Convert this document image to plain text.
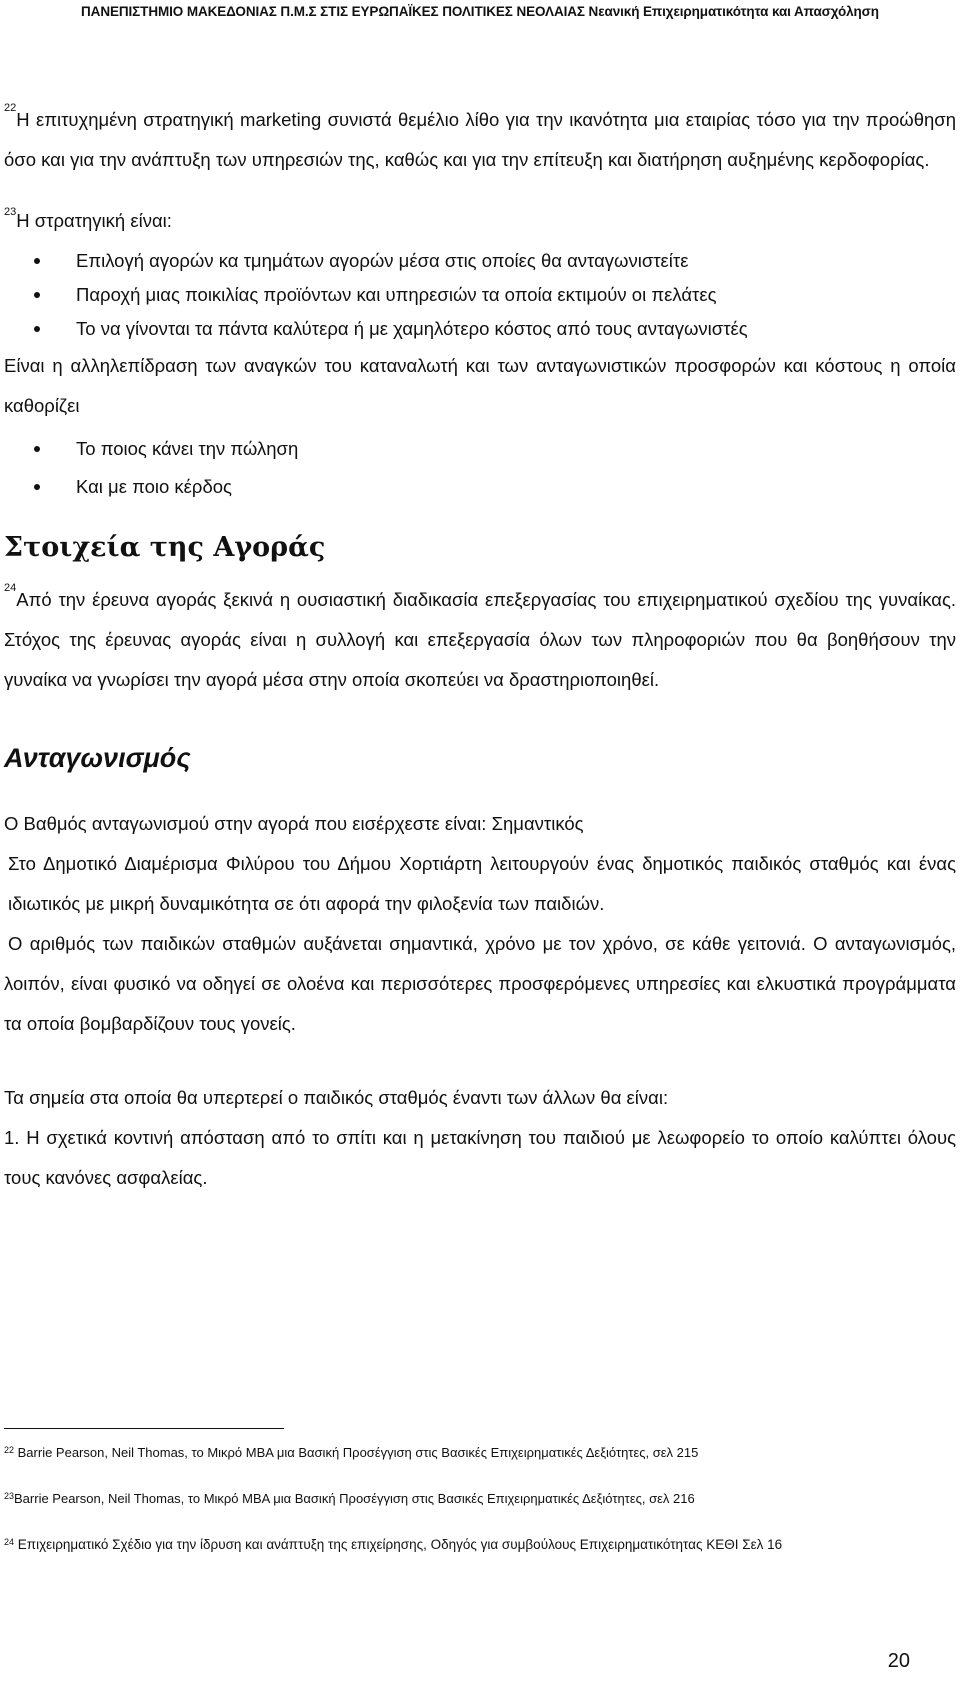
ΠΑΝΕΠΙΣΤΗΜΙΟ ΜΑΚΕΔΟΝΙΑΣ Π.Μ.Σ ΣΤΙΣ ΕΥΡΩΠΑΪΚΕΣ ΠΟΛΙΤΙΚΕΣ ΝΕΟΛΑΙΑΣ Νεανική Επιχειρηματικότητα και Απασχόληση

$^{22}$Η επιτυχημένη στρατηγική marketing συνιστά θεμέλιο λίθο για την ικανότητα μια εταιρίας τόσο για την προώθηση όσο και για την ανάπτυξη των υπηρεσιών της, καθώς και για την επίτευξη και διατήρηση αυξημένης κερδοφορίας.

$^{23}$Η στρατηγική είναι:

Επιλογή αγορών κα τμημάτων αγορών μέσα στις οποίες θα ανταγωνιστείτε
Παροχή μιας ποικιλίας προϊόντων και υπηρεσιών τα οποία εκτιμούν οι πελάτες
Το να γίνονται τα πάντα καλύτερα ή με χαμηλότερο κόστος από τους ανταγωνιστές

Είναι η αλληλεπίδραση των αναγκών του καταναλωτή και των ανταγωνιστικών προσφορών και κόστους η οποία καθορίζει

Το ποιος κάνει την πώληση
Και με ποιο κέρδος
Στοιχεία της Αγοράς

$^{24}$Από την έρευνα αγοράς ξεκινά η ουσιαστική διαδικασία επεξεργασίας του επιχειρηματικού σχεδίου της γυναίκας. Στόχος της έρευνας αγοράς είναι η συλλογή και επεξεργασία όλων των πληροφοριών που θα βοηθήσουν την γυναίκα να γνωρίσει την αγορά μέσα στην οποία σκοπεύει να δραστηριοποιηθεί.

Ανταγωνισμός

Ο Βαθμός ανταγωνισμού στην αγορά που εισέρχεστε είναι: Σημαντικός

Στο Δημοτικό Διαμέρισμα Φιλύρου του Δήμου Χορτιάρτη λειτουργούν ένας δημοτικός παιδικός σταθμός και ένας ιδιωτικός με μικρή δυναμικότητα σε ότι αφορά την φιλοξενία των παιδιών.

Ο αριθμός των παιδικών σταθμών αυξάνεται σημαντικά, χρόνο με τον χρόνο, σε κάθε γειτονιά. Ο ανταγωνισμός, λοιπόν, είναι φυσικό να οδηγεί σε ολοένα και περισσότερες προσφερόμενες υπηρεσίες και ελκυστικά προγράμματα τα οποία βομβαρδίζουν τους γονείς.

Τα σημεία στα οποία θα υπερτερεί ο παιδικός σταθμός έναντι των άλλων θα είναι:

1. Η σχετικά κοντινή απόσταση από το σπίτι και η μετακίνηση του παιδιού με λεωφορείο το οποίο καλύπτει όλους τους κανόνες ασφαλείας.

$^{22}$ Barrie Pearson, Neil Thomas, το Μικρό ΜΒΑ μια Βασική Προσέγγιση στις Βασικές Επιχειρηματικές Δεξιότητες, σελ 215

$^{23}$Barrie Pearson, Neil Thomas, το Μικρό ΜΒΑ μια Βασική Προσέγγιση στις Βασικές Επιχειρηματικές Δεξιότητες, σελ 216

$^{24}$ Επιχειρηματικό Σχέδιο για την ίδρυση και ανάπτυξη της επιχείρησης, Οδηγός για συμβούλους Επιχειρηματικότητας ΚΕΘΙ Σελ 16

20
